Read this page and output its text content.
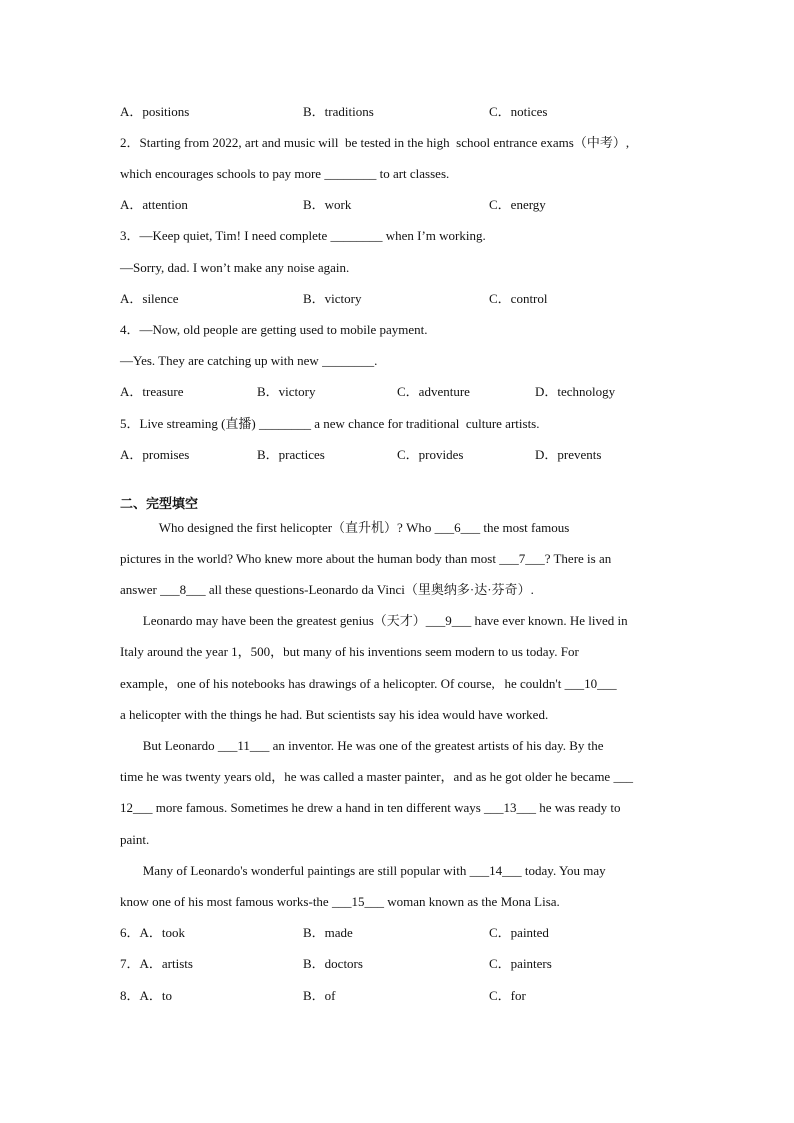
A．positions	B．traditions	C．notices
2．Starting from 2022, art and music will  be tested in the high  school entrance exams（中考）,
which encourages schools to pay more ________ to art classes.
A．attention	B．work	C．energy
3．—Keep quiet, Tim! I need complete ________ when I’m working.
—Sorry, dad. I won’t make any noise again.
A．silence	B．victory	C．control
4．—Now, old people are getting used to mobile payment.
—Yes. They are catching up with new ________.
A．treasure	B．victory	C．adventure	D．technology
5．Live streaming (直播) ________ a new chance for traditional  culture artists.
A．promises	B．practices	C．provides	D．prevents
二、完型填空
Who designed the first helicopter（直升机）? Who ___6___ the most famous
pictures in the world? Who knew more about the human body than most ___7___? There is an
answer ___8___ all these questions-Leonardo da Vinci（里奥纳多·达·芬奇）.
Leonardo may have been the greatest genius（天才）___9___ have ever known. He lived in
Italy around the year 1，500，but many of his inventions seem modern to us today. For
example，one of his notebooks has drawings of a helicopter. Of course,   he couldn't ___10___
a helicopter with the things he had. But scientists say his idea would have worked.
But Leonardo ___11___ an inventor. He was one of the greatest artists of his day. By the
time he was twenty years old，he was called a master painter，and as he got older he became ___
12___ more famous. Sometimes he drew a hand in ten different ways ___13___ he was ready to
paint.
Many of Leonardo's wonderful paintings are still popular with ___14___ today. You may
know one of his most famous works-the ___15___ woman known as the Mona Lisa.
6．A．took	B．made	C．painted
7．A．artists	B．doctors	C．painters
8．A．to	B．of	C．for
